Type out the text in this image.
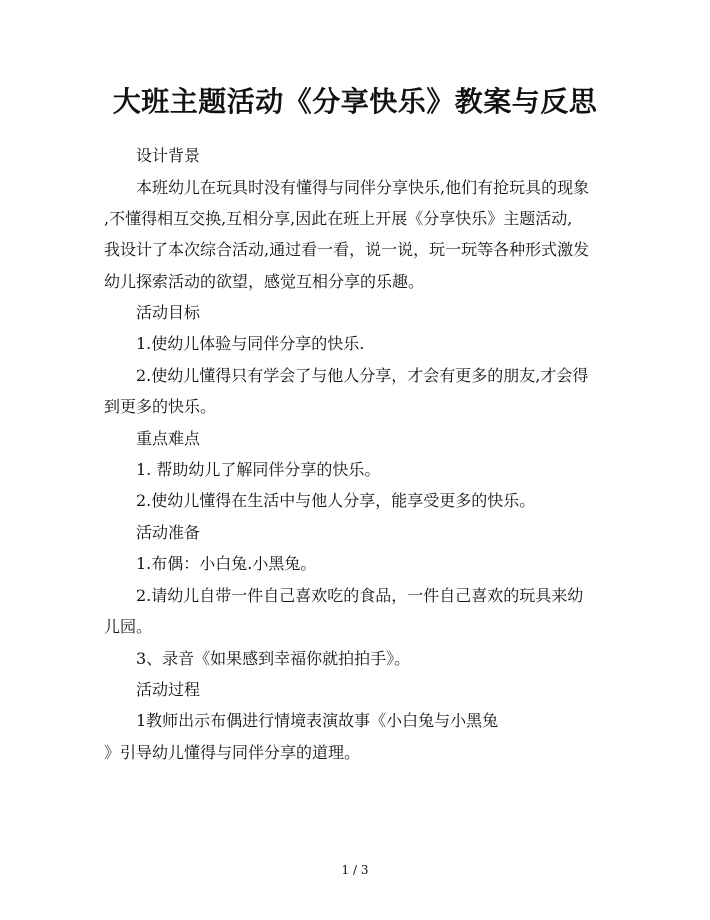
大班主题活动《分享快乐》教案与反思
设计背景
本班幼儿在玩具时没有懂得与同伴分享快乐,他们有抢玩具的现象
,不懂得相互交换,互相分享,因此在班上开展《分享快乐》主题活动,
我设计了本次综合活动,通过看一看，说一说，玩一玩等各种形式激发
幼儿探索活动的欲望，感觉互相分享的乐趣。
活动目标
1.使幼儿体验与同伴分享的快乐.
2.使幼儿懂得只有学会了与他人分享，才会有更多的朋友,才会得
到更多的快乐。
重点难点
1. 帮助幼儿了解同伴分享的快乐。
2.使幼儿懂得在生活中与他人分享，能享受更多的快乐。
活动准备
1.布偶：小白兔.小黑兔。
2.请幼儿自带一件自己喜欢吃的食品，一件自己喜欢的玩具来幼
儿园。
3、录音《如果感到幸福你就拍拍手》。
活动过程
1教师出示布偶进行情境表演故事《小白兔与小黑兔
》引导幼儿懂得与同伴分享的道理。
1 / 3
